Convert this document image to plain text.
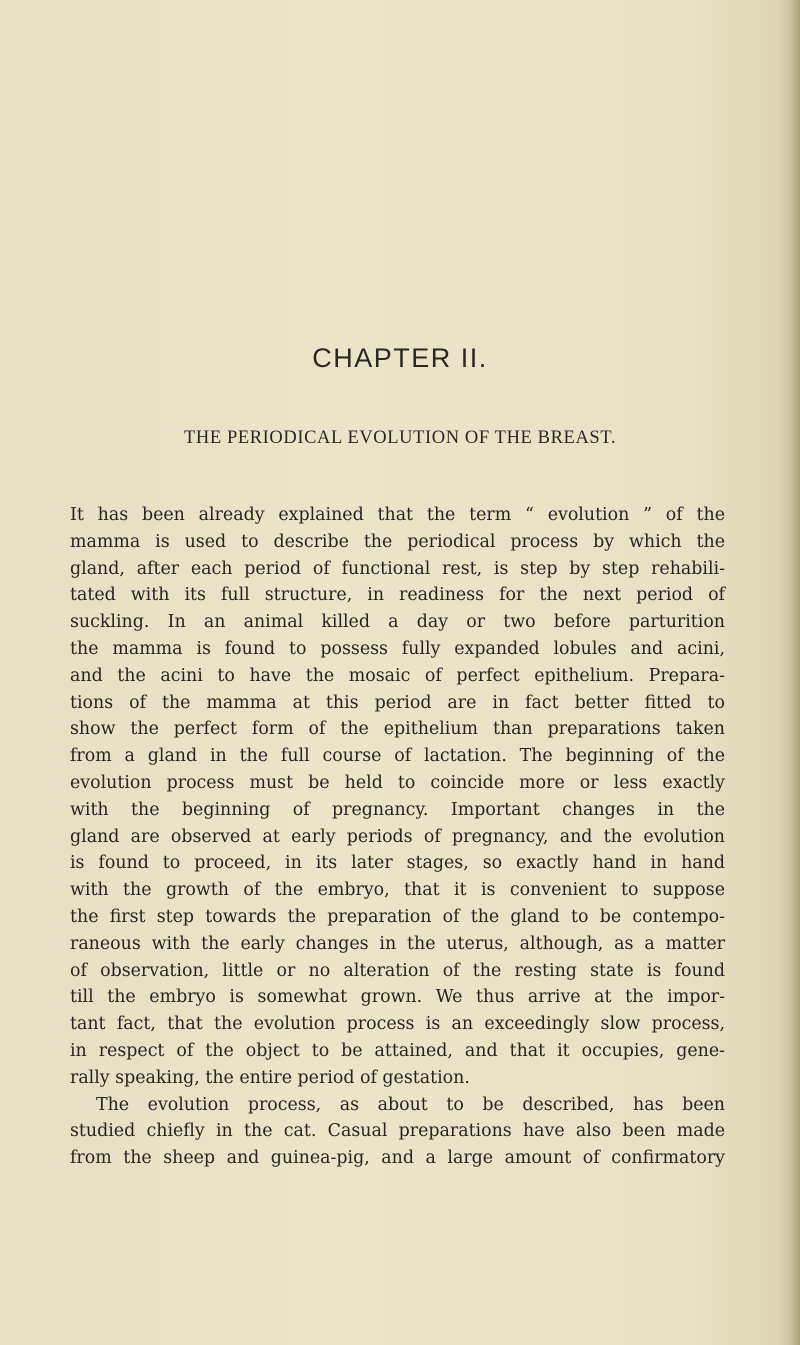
CHAPTER II.
THE PERIODICAL EVOLUTION OF THE BREAST.
It has been already explained that the term “ evolution ” of the
mamma is used to describe the periodical process by which the
gland, after each period of functional rest, is step by step rehabili-
tated with its full structure, in readiness for the next period of
suckling. In an animal killed a day or two before parturition
the mamma is found to possess fully expanded lobules and acini,
and the acini to have the mosaic of perfect epithelium. Prepara-
tions of the mamma at this period are in fact better fitted to
show the perfect form of the epithelium than preparations taken
from a gland in the full course of lactation. The beginning of the
evolution process must be held to coincide more or less exactly
with the beginning of pregnancy. Important changes in the
gland are observed at early periods of pregnancy, and the evolution
is found to proceed, in its later stages, so exactly hand in hand
with the growth of the embryo, that it is convenient to suppose
the first step towards the preparation of the gland to be contempo-
raneous with the early changes in the uterus, although, as a matter
of observation, little or no alteration of the resting state is found
till the embryo is somewhat grown. We thus arrive at the impor-
tant fact, that the evolution process is an exceedingly slow process,
in respect of the object to be attained, and that it occupies, gene-
rally speaking, the entire period of gestation.
The evolution process, as about to be described, has been
studied chiefly in the cat. Casual preparations have also been made
from the sheep and guinea-pig, and a large amount of confirmatory
